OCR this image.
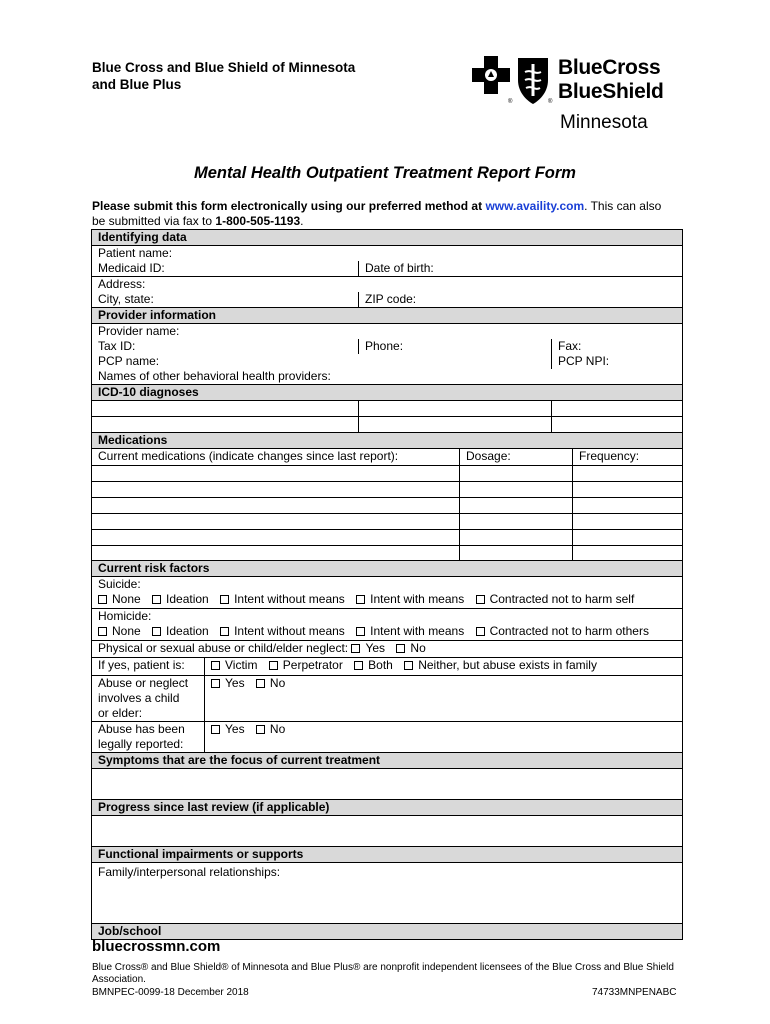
Blue Cross and Blue Shield of Minnesota
and Blue Plus
®	®
BlueCross
BlueShield
Minnesota
Mental Health Outpatient Treatment Report Form
Please submit this form electronically using our preferred method at www.availity.com. This can also be submitted via fax to 1-800-505-1193.
Identifying data
Patient name:
Medicaid ID:	Date of birth:
Address:
City, state:	ZIP code:
Provider information
Provider name:
Tax ID:	Phone:	Fax:
PCP name:	PCP NPI:
Names of other behavioral health providers:
ICD-10 diagnoses
Medications
Current medications (indicate changes since last report):	Dosage:	Frequency:
Current risk factors
Suicide:
None Ideation Intent without means Intent with means Contracted not to harm self
Homicide:
None Ideation Intent without means Intent with means Contracted not to harm others
Physical or sexual abuse or child/elder neglect: Yes No
If yes, patient is:	Victim Perpetrator Both Neither, but abuse exists in family
Abuse or neglect
involves a child
or elder:
Yes No
Abuse has been
legally reported:
Yes No
Symptoms that are the focus of current treatment
Progress since last review (if applicable)
Functional impairments or supports
Family/interpersonal relationships:
Job/school
bluecrossmn.com
Blue Cross® and Blue Shield® of Minnesota and Blue Plus® are nonprofit independent licensees of the Blue Cross and Blue Shield Association.
BMNPEC-0099-18 December 2018	74733MNPENABC
